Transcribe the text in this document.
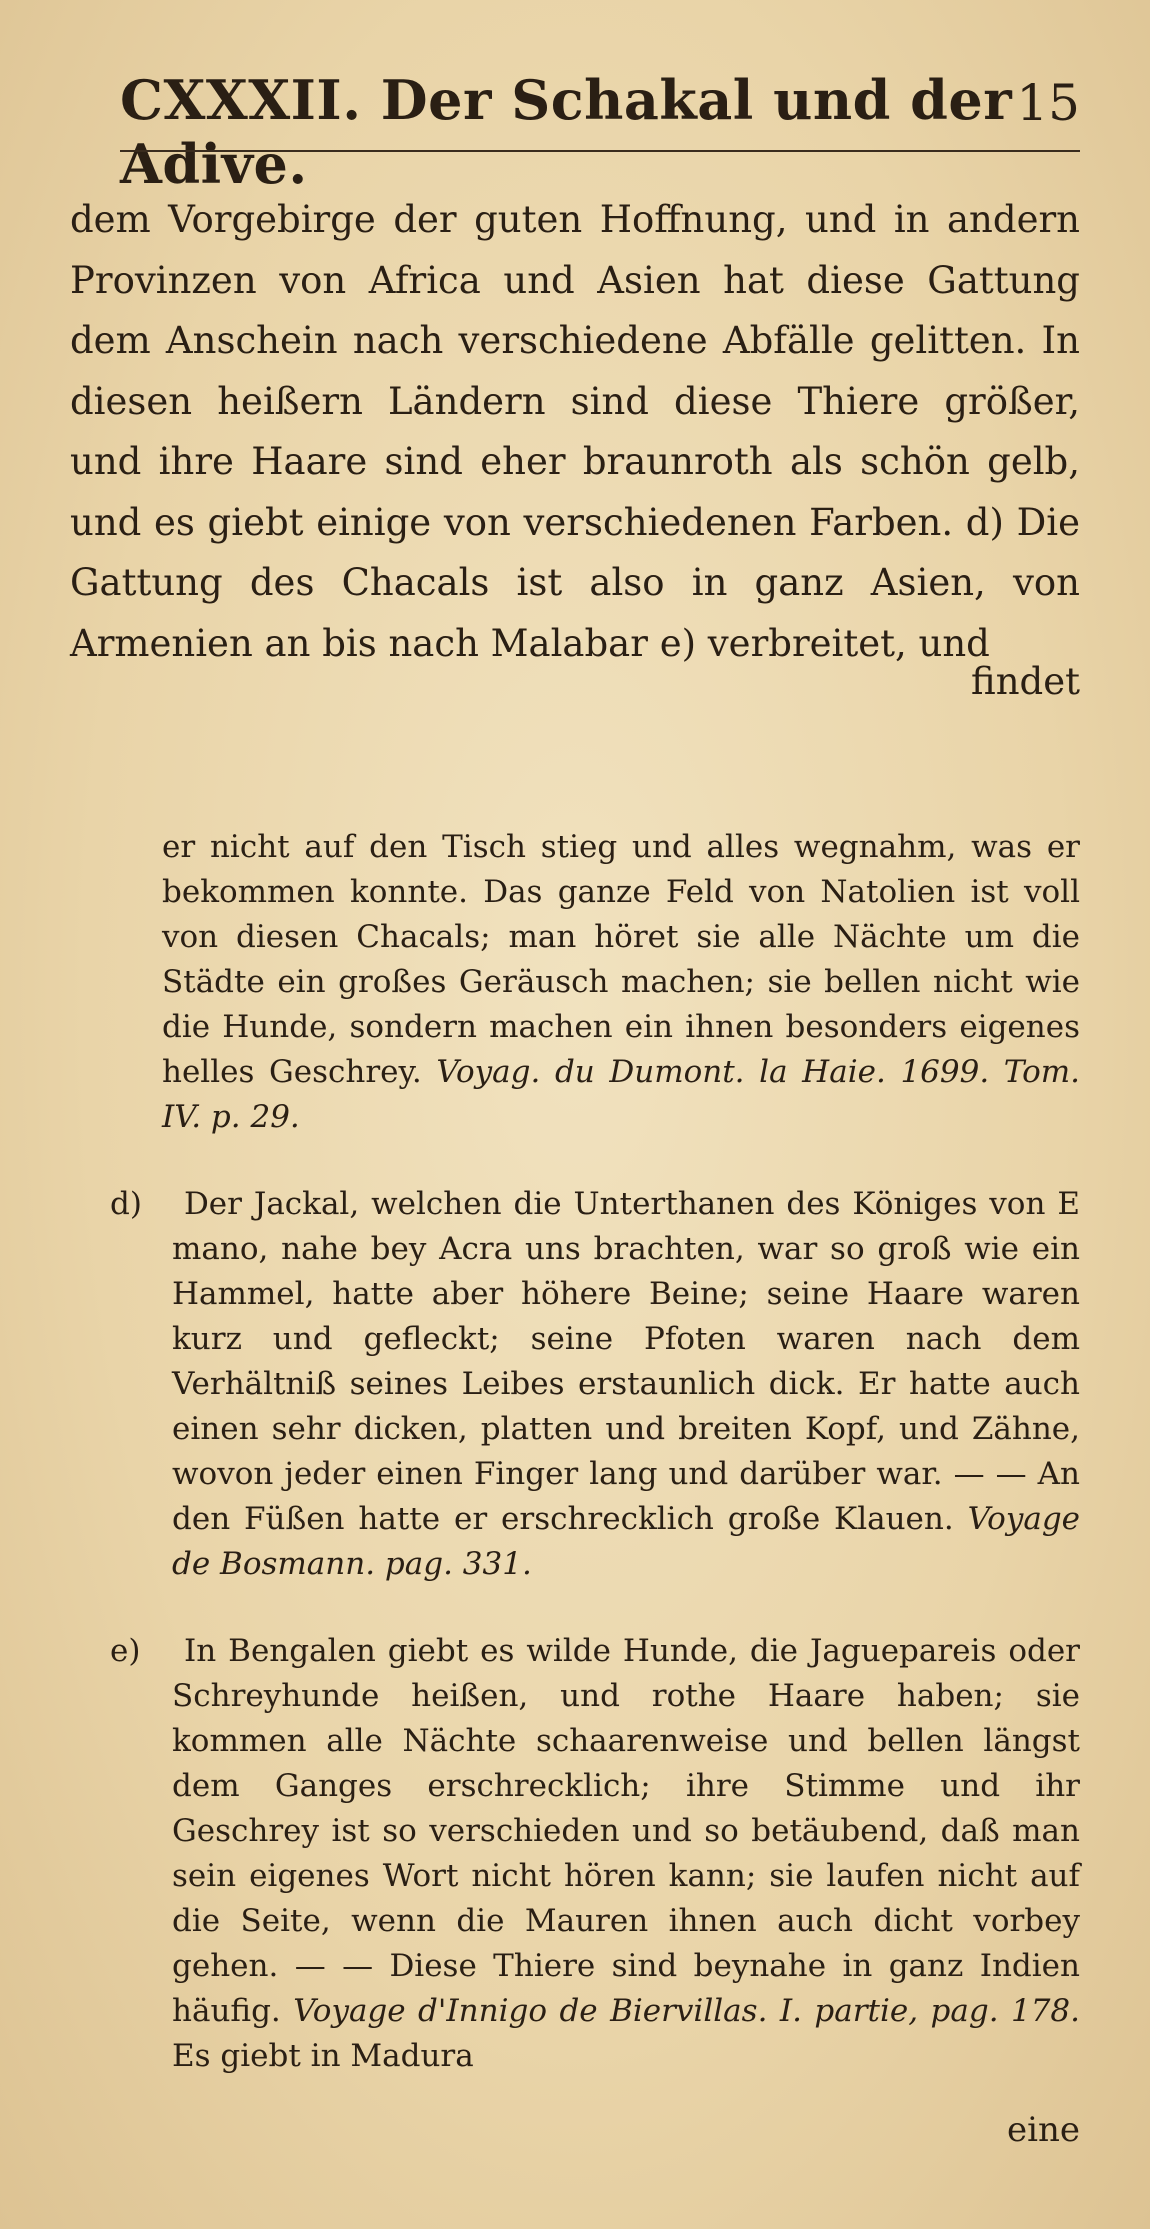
CXXXII. Der Schakal und der Adive.
15

dem Vorgebirge der guten Hoffnung, und in andern Provinzen von Africa und Asien hat diese Gattung dem Anschein nach verschiedene Abfälle gelitten. In diesen heißern Ländern sind diese Thiere größer, und ihre Haare sind eher braunroth als schön gelb, und es giebt einige von verschiedenen Farben. d) Die Gattung des Chacals ist also in ganz Asien, von Armenien an bis nach Malabar e) verbreitet, und

findet

er nicht auf den Tisch stieg und alles wegnahm, was er bekommen konnte. Das ganze Feld von Natolien ist voll von diesen Chacals; man höret sie alle Nächte um die Städte ein großes Geräusch machen; sie bellen nicht wie die Hunde, sondern machen ein ihnen besonders eigenes helles Geschrey. Voyag. du Dumont. la Haie. 1699. Tom. IV. p. 29.

d) Der Jackal, welchen die Unterthanen des Königes von E mano, nahe bey Acra uns brachten, war so groß wie ein Hammel, hatte aber höhere Beine; seine Haare waren kurz und gefleckt; seine Pfoten waren nach dem Verhältniß seines Leibes erstaunlich dick. Er hatte auch einen sehr dicken, platten und breiten Kopf, und Zähne, wovon jeder einen Finger lang und darüber war. — — An den Füßen hatte er erschrecklich große Klauen. Voyage de Bosmann. pag. 331.

e) In Bengalen giebt es wilde Hunde, die Jaguepareis oder Schreyhunde heißen, und rothe Haare haben; sie kommen alle Nächte schaarenweise und bellen längst dem Ganges erschrecklich; ihre Stimme und ihr Geschrey ist so verschieden und so betäubend, daß man sein eigenes Wort nicht hören kann; sie laufen nicht auf die Seite, wenn die Mauren ihnen auch dicht vorbey gehen. — — Diese Thiere sind beynahe in ganz Indien häufig. Voyage d'Innigo de Biervillas. I. partie, pag. 178. Es giebt in Madura

eine
